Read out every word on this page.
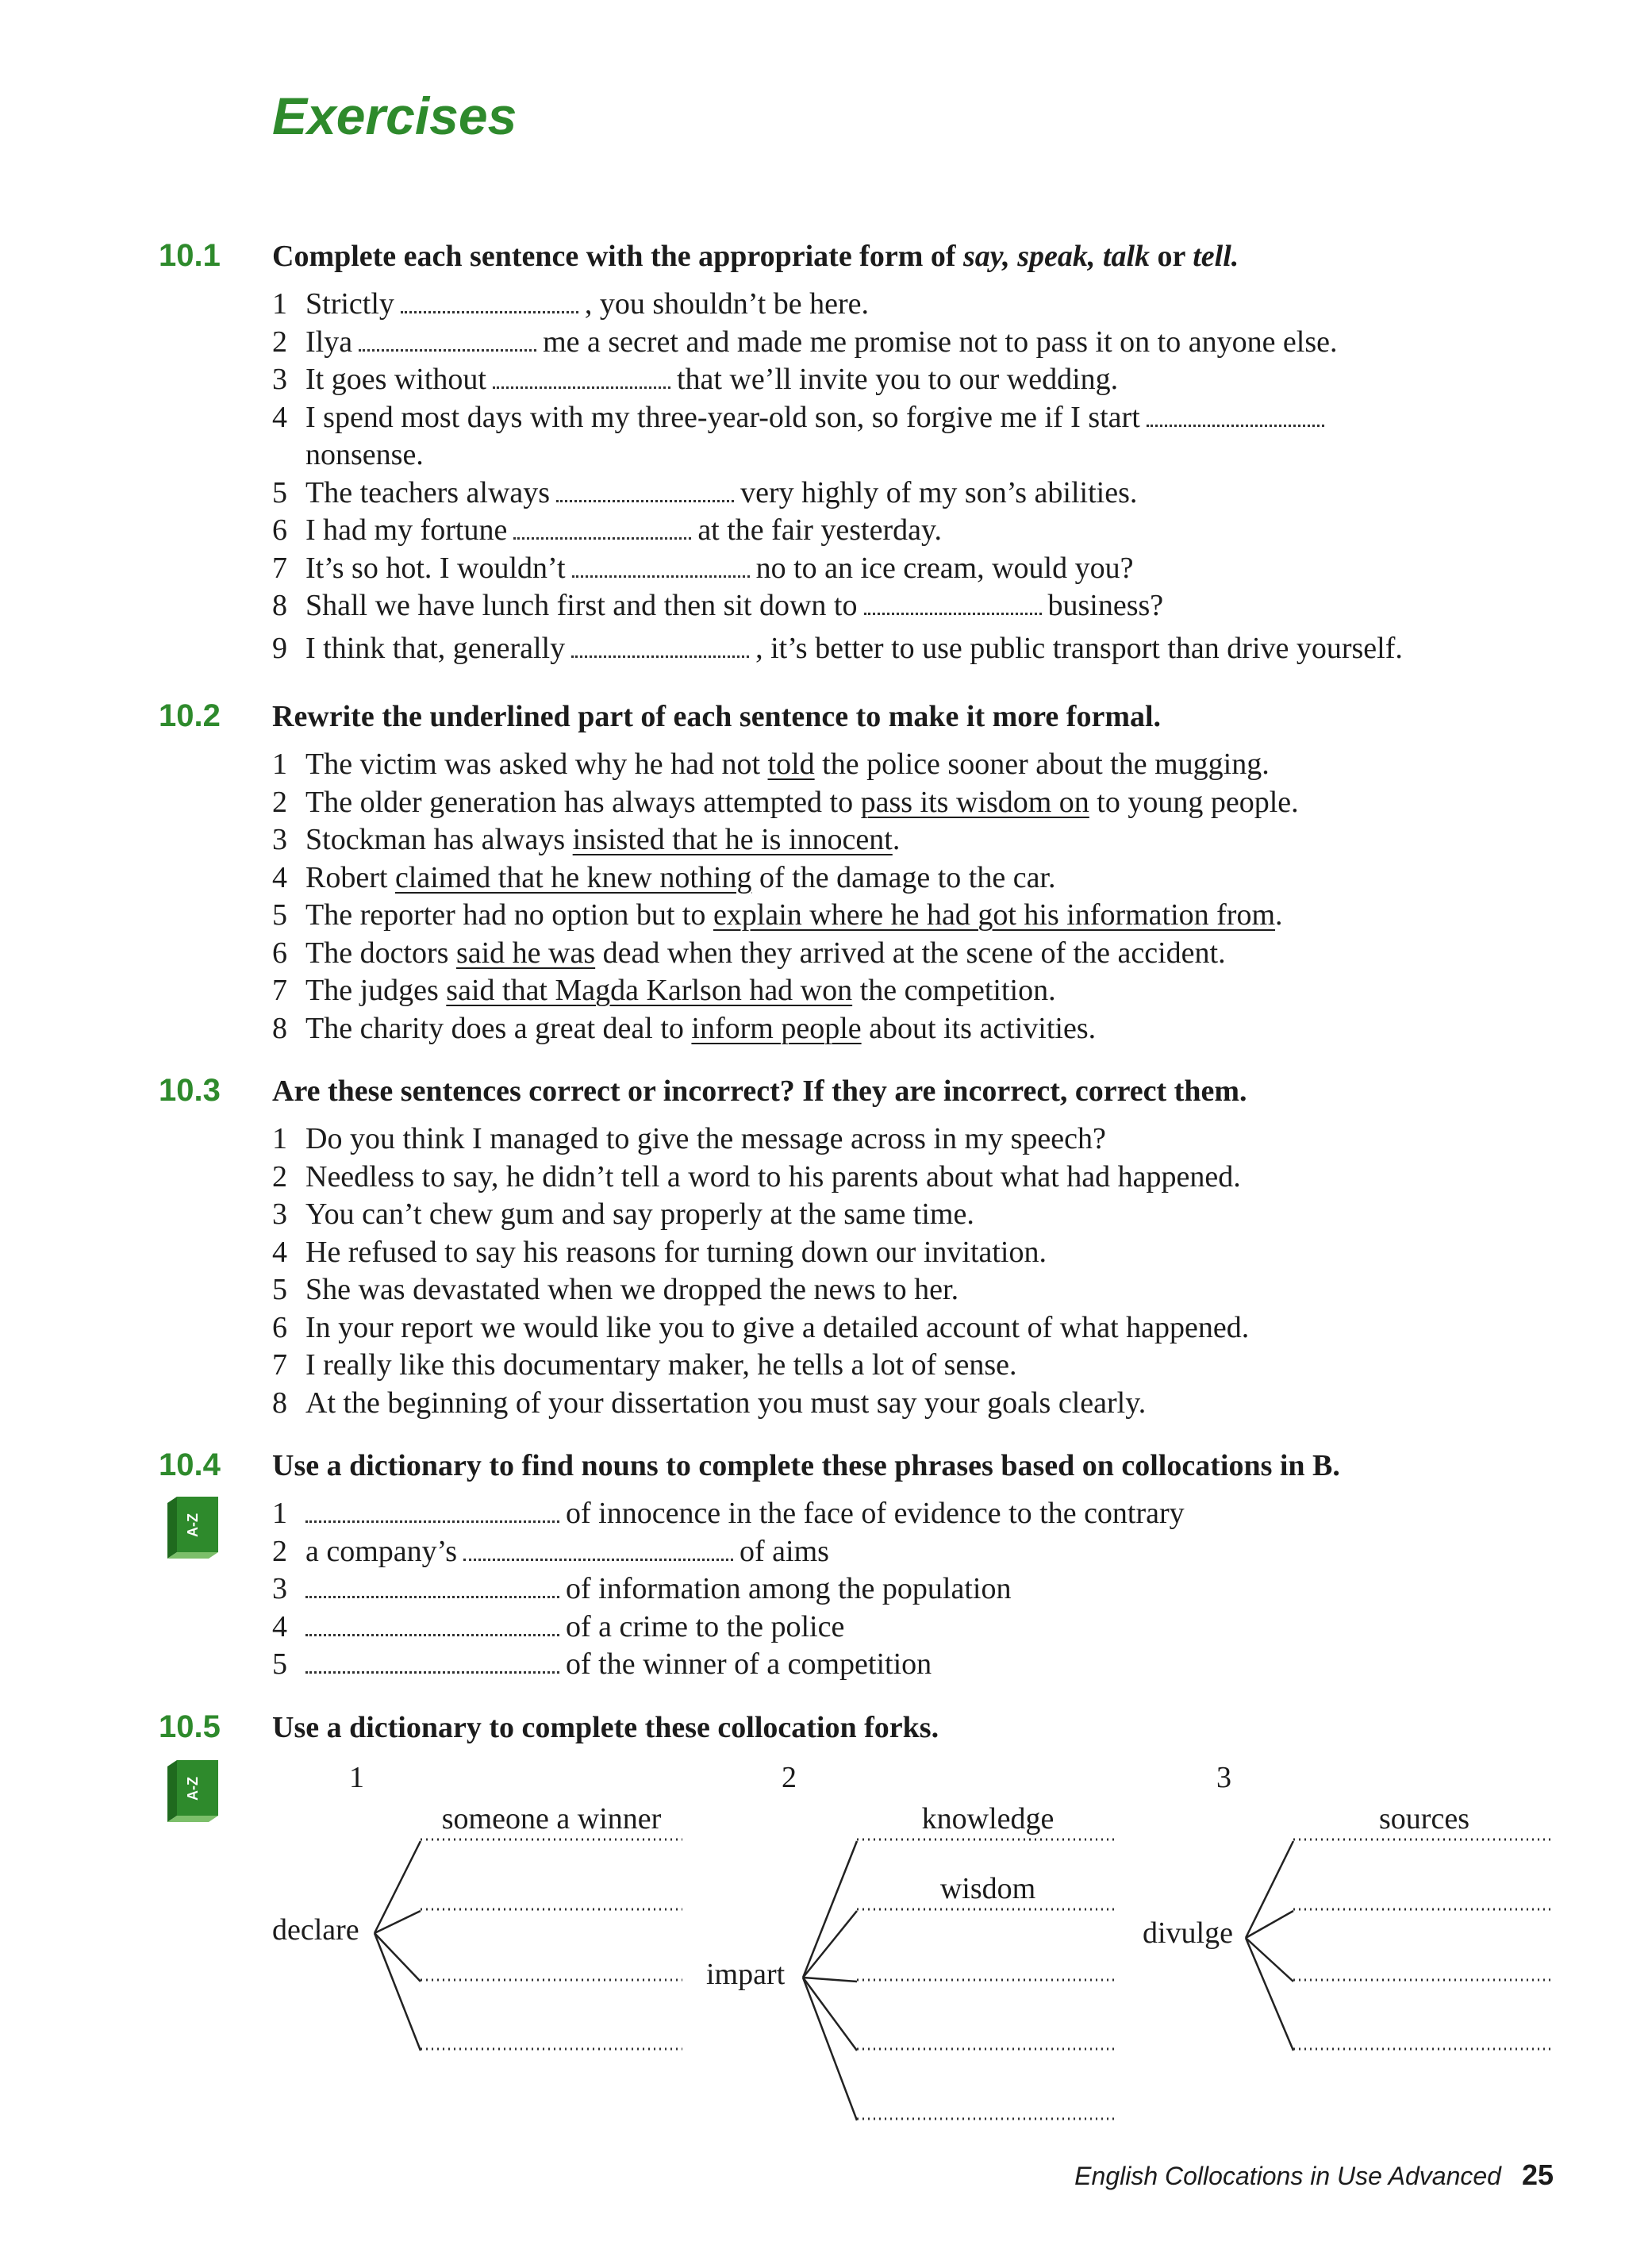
Exercises
10.1 Complete each sentence with the appropriate form of say, speak, talk or tell.
1 Strictly	, you shouldn’t be here.
2 Ilya	me a secret and made me promise not to pass it on to anyone else.
3 It goes without	that we’ll invite you to our wedding.
4 I spend most days with my three-year-old son, so forgive me if I start
nonsense.
5 The teachers always	very highly of my son’s abilities.
6 I had my fortune	at the fair yesterday.
7 It’s so hot. I wouldn’t	no to an ice cream, would you?
8 Shall we have lunch first and then sit down to	business?
9 I think that, generally	, it’s better to use public transport than drive yourself.
10.2 Rewrite the underlined part of each sentence to make it more formal.
1 The victim was asked why he had not told the police sooner about the mugging.
2 The older generation has always attempted to pass its wisdom on to young people.
3 Stockman has always insisted that he is innocent.
4 Robert claimed that he knew nothing of the damage to the car.
5 The reporter had no option but to explain where he had got his information from.
6 The doctors said he was dead when they arrived at the scene of the accident.
7 The judges said that Magda Karlson had won the competition.
8 The charity does a great deal to inform people about its activities.
10.3 Are these sentences correct or incorrect? If they are incorrect, correct them.
1 Do you think I managed to give the message across in my speech?
2 Needless to say, he didn’t tell a word to his parents about what had happened.
3 You can’t chew gum and say properly at the same time.
4 He refused to say his reasons for turning down our invitation.
5 She was devastated when we dropped the news to her.
6 In your report we would like you to give a detailed account of what happened.
7 I really like this documentary maker, he tells a lot of sense.
8 At the beginning of your dissertation you must say your goals clearly.
10.4 Use a dictionary to find nouns to complete these phrases based on collocations in B.
A-Z 1	of innocence in the face of evidence to the contrary
2 a company’s	of aims
3	of information among the population
4	of a crime to the police
5	of the winner of a competition
10.5 Use a dictionary to complete these collocation forks.
A-Z	1	2	3
declare
impart
divulge
someone a winner	knowledge
wisdom
sources
English Collocations in Use Advanced 25
